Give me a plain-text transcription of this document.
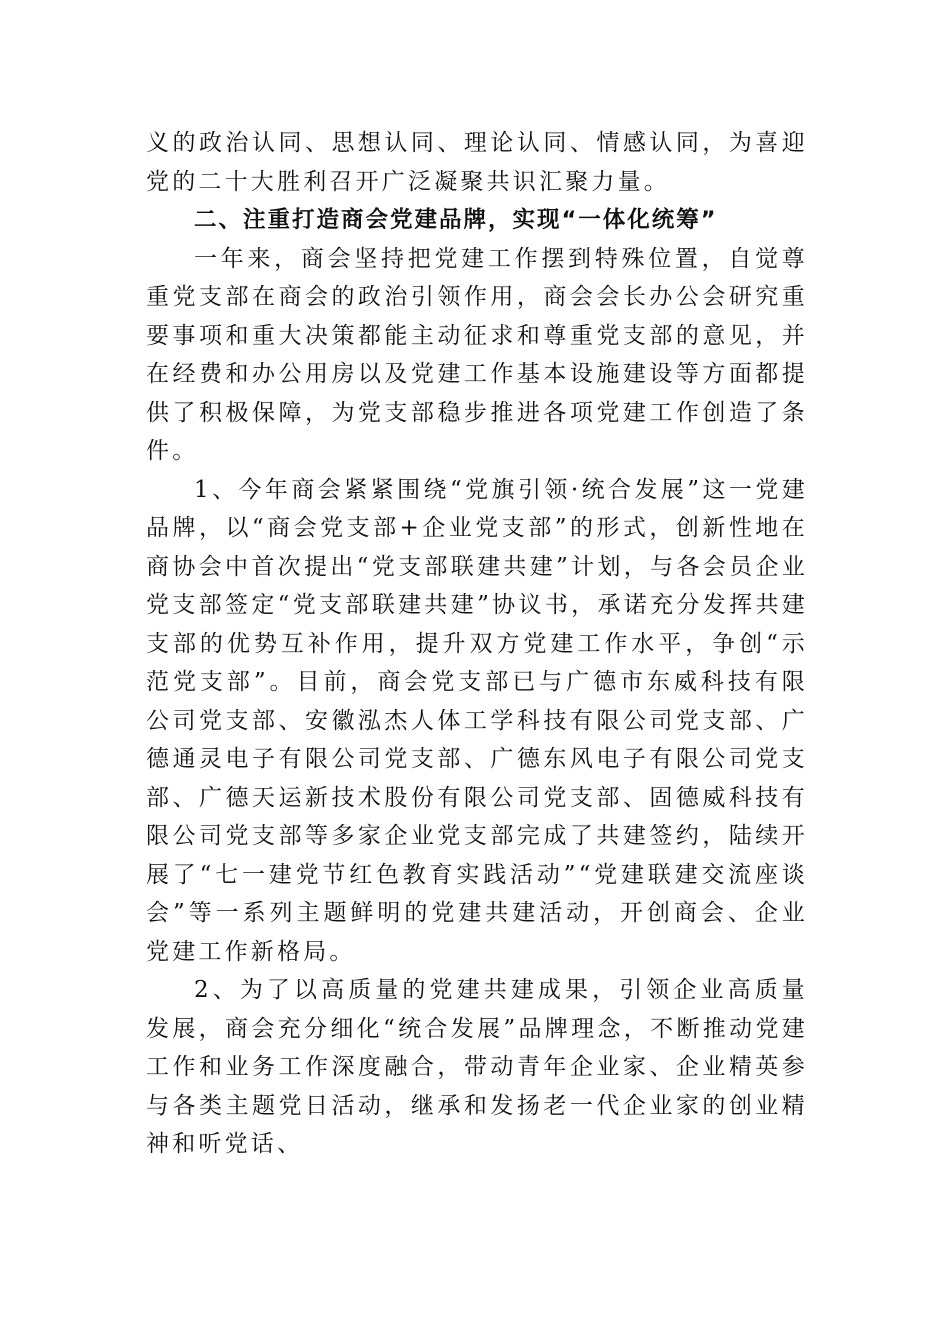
义的政治认同、思想认同、理论认同、情感认同，为喜迎党的二十大胜利召开广泛凝聚共识汇聚力量。

二、注重打造商会党建品牌，实现“一体化统筹”

一年来，商会坚持把党建工作摆到特殊位置，自觉尊重党支部在商会的政治引领作用，商会会长办公会研究重要事项和重大决策都能主动征求和尊重党支部的意见，并在经费和办公用房以及党建工作基本设施建设等方面都提供了积极保障，为党支部稳步推进各项党建工作创造了条件。

1、今年商会紧紧围绕“党旗引领·统合发展”这一党建品牌，以“商会党支部+企业党支部”的形式，创新性地在商协会中首次提出“党支部联建共建”计划，与各会员企业党支部签定“党支部联建共建”协议书，承诺充分发挥共建支部的优势互补作用，提升双方党建工作水平，争创“示范党支部”。目前，商会党支部已与广德市东威科技有限公司党支部、安徽泓杰人体工学科技有限公司党支部、广德通灵电子有限公司党支部、广德东风电子有限公司党支部、广德天运新技术股份有限公司党支部、固德威科技有限公司党支部等多家企业党支部完成了共建签约，陆续开展了“七一建党节红色教育实践活动”“党建联建交流座谈会”等一系列主题鲜明的党建共建活动，开创商会、企业党建工作新格局。

2、为了以高质量的党建共建成果，引领企业高质量发展，商会充分细化“统合发展”品牌理念，不断推动党建工作和业务工作深度融合，带动青年企业家、企业精英参与各类主题党日活动，继承和发扬老一代企业家的创业精神和听党话、
